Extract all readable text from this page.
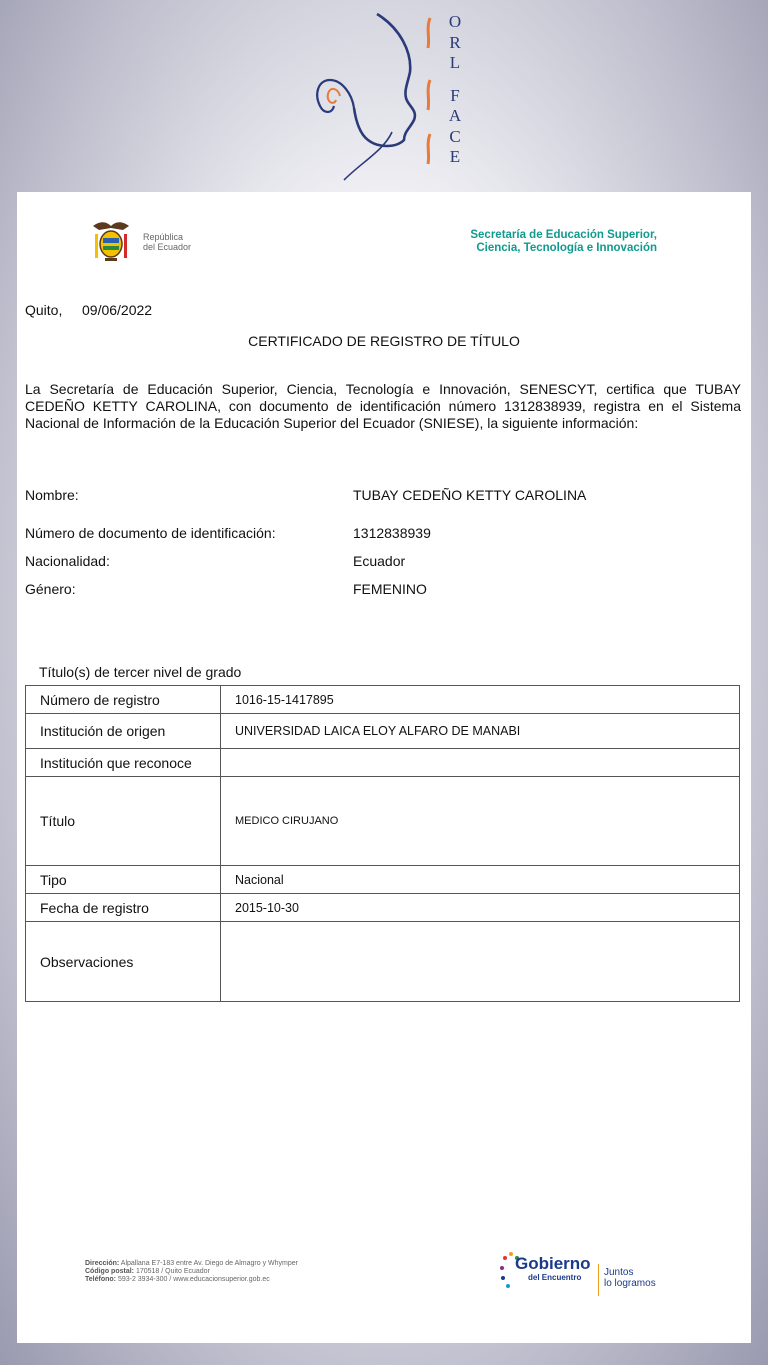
O
R
L
F
A
C
E
República
del Ecuador
Secretaría de Educación Superior,
Ciencia, Tecnología e Innovación
Quito, 09/06/2022
CERTIFICADO DE REGISTRO DE TÍTULO
La Secretaría de Educación Superior, Ciencia, Tecnología e Innovación, SENESCYT, certifica que TUBAY CEDEÑO KETTY CAROLINA, con documento de identificación número 1312838939, registra en el Sistema Nacional de Información de la Educación Superior del Ecuador (SNIESE), la siguiente información:
Nombre:	TUBAY CEDEÑO KETTY CAROLINA
Número de documento de identificación:	1312838939
Nacionalidad:	Ecuador
Género:	FEMENINO
Título(s) de tercer nivel de grado
Número de registro	1016-15-1417895
Institución de origen	UNIVERSIDAD LAICA ELOY ALFARO DE MANABI
Institución que reconoce	
Título	MEDICO CIRUJANO
Tipo	Nacional
Fecha de registro	2015-10-30
Observaciones	
Dirección: Alpallana E7-183 entre Av. Diego de Almagro y Whymper
Código postal: 170518 / Quito Ecuador
Teléfono: 593-2 3934-300 / www.educacionsuperior.gob.ec
Gobierno
del Encuentro Juntos
lo logramos
